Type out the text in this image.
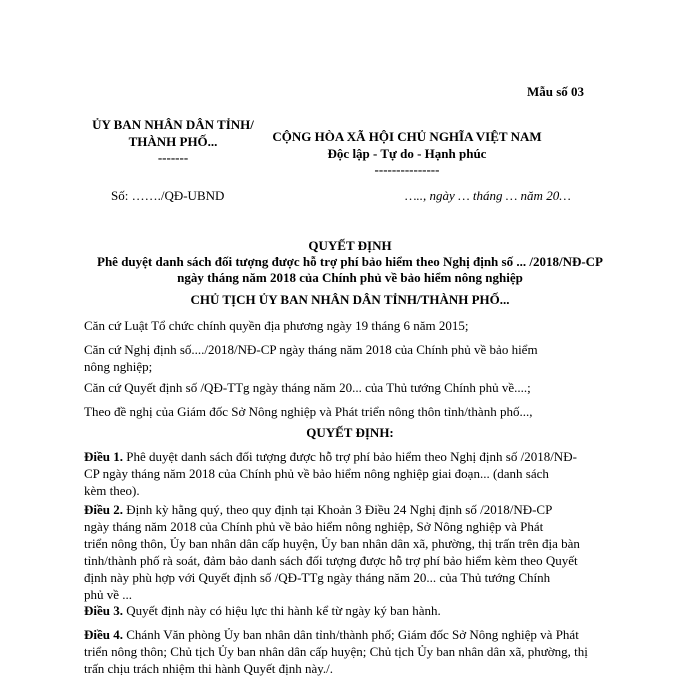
Mẫu số 03
ỦY BAN NHÂN DÂN TỈNH/
THÀNH PHỐ...
-------
CỘNG HÒA XÃ HỘI CHỦ NGHĨA VIỆT NAM
Độc lập - Tự do - Hạnh phúc
---------------
Số: ……./QĐ-UBND	….., ngày … tháng … năm 20…
QUYẾT ĐỊNH
Phê duyệt danh sách đối tượng được hỗ trợ phí bảo hiểm theo Nghị định số ... /2018/NĐ-CP
ngày tháng năm 2018 của Chính phủ về bảo hiểm nông nghiệp
CHỦ TỊCH ỦY BAN NHÂN DÂN TỈNH/THÀNH PHỐ...
Căn cứ Luật Tổ chức chính quyền địa phương ngày 19 tháng 6 năm 2015;
Căn cứ Nghị định số..../2018/NĐ-CP ngày tháng năm 2018 của Chính phủ về bảo hiểm
nông nghiệp;
Căn cứ Quyết định số /QĐ-TTg ngày tháng năm 20... của Thủ tướng Chính phủ về....;
Theo đề nghị của Giám đốc Sở Nông nghiệp và Phát triển nông thôn tỉnh/thành phố...,
QUYẾT ĐỊNH:
Điều 1. Phê duyệt danh sách đối tượng được hỗ trợ phí bảo hiểm theo Nghị định số /2018/NĐ-
CP ngày tháng năm 2018 của Chính phủ về bảo hiểm nông nghiệp giai đoạn... (danh sách
kèm theo).
Điều 2. Định kỳ hằng quý, theo quy định tại Khoản 3 Điều 24 Nghị định số /2018/NĐ-CP
ngày tháng năm 2018 của Chính phủ về bảo hiểm nông nghiệp, Sở Nông nghiệp và Phát
triển nông thôn, Ủy ban nhân dân cấp huyện, Ủy ban nhân dân xã, phường, thị trấn trên địa bàn
tỉnh/thành phố rà soát, đảm bảo danh sách đối tượng được hỗ trợ phí bảo hiểm kèm theo Quyết
định này phù hợp với Quyết định số /QĐ-TTg ngày tháng năm 20... của Thủ tướng Chính
phủ về ...
Điều 3. Quyết định này có hiệu lực thi hành kể từ ngày ký ban hành.
Điều 4. Chánh Văn phòng Ủy ban nhân dân tỉnh/thành phố; Giám đốc Sở Nông nghiệp và Phát
triển nông thôn; Chủ tịch Ủy ban nhân dân cấp huyện; Chủ tịch Ủy ban nhân dân xã, phường, thị
trấn chịu trách nhiệm thi hành Quyết định này./.
